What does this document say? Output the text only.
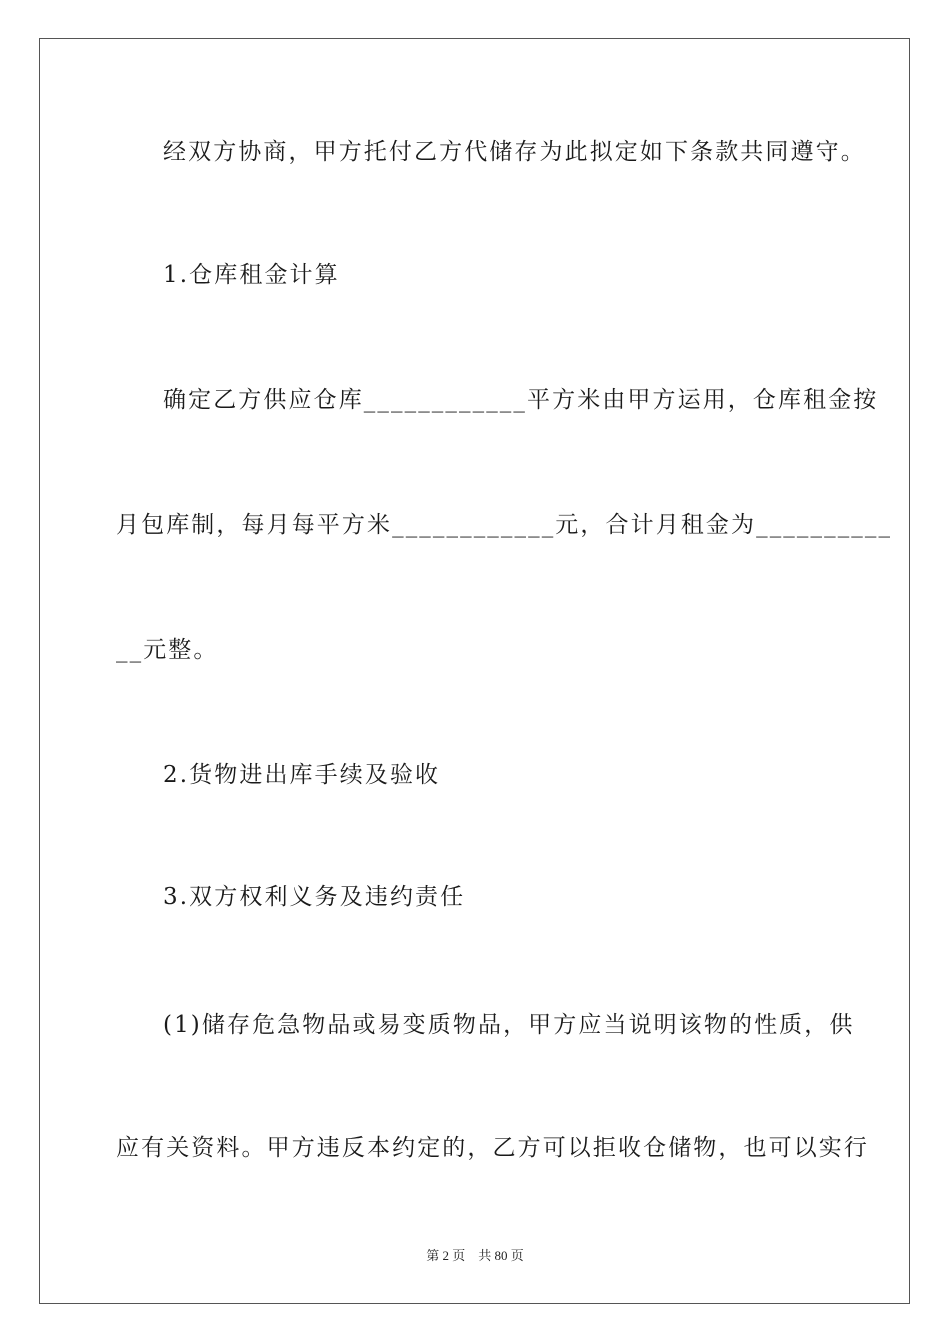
经双方协商，甲方托付乙方代储存为此拟定如下条款共同遵守。
1.仓库租金计算
确定乙方供应仓库____________平方米由甲方运用，仓库租金按
月包库制，每月每平方米____________元，合计月租金为__________
__元整。
2.货物进出库手续及验收
3.双方权利义务及违约责任
(1)储存危急物品或易变质物品，甲方应当说明该物的性质，供
应有关资料。甲方违反本约定的，乙方可以拒收仓储物，也可以实行
第 2 页 共 80 页
